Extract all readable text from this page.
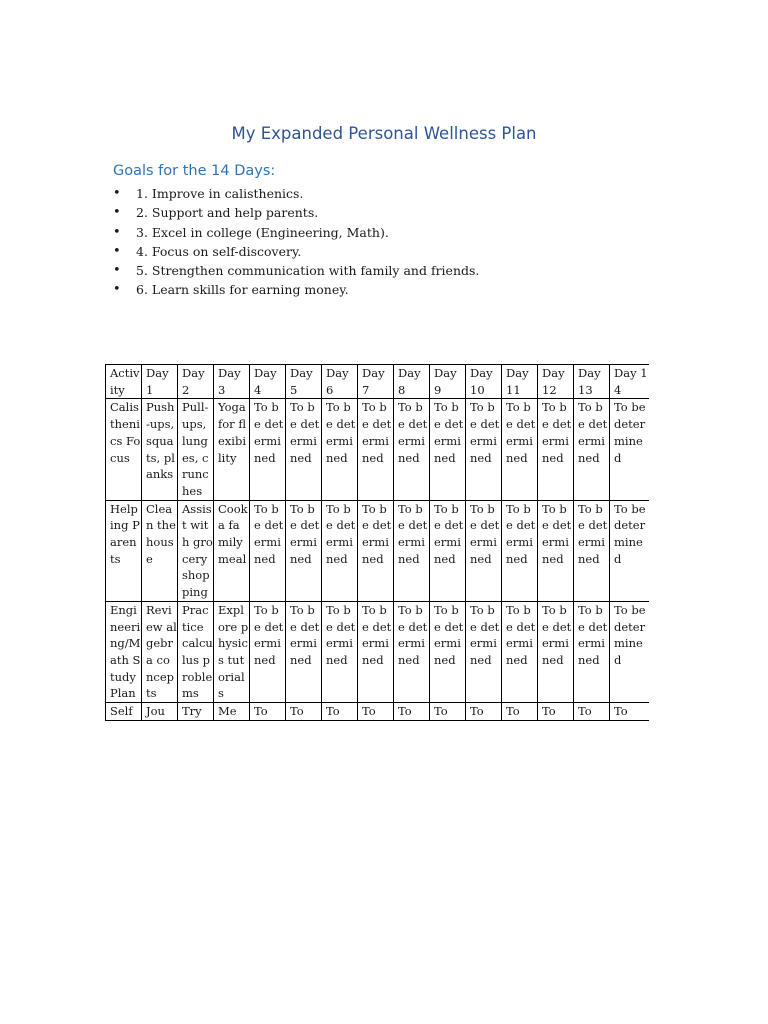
My Expanded Personal Wellness Plan
Goals for the 14 Days:
• 1. Improve in calisthenics.
• 2. Support and help parents.
• 3. Excel in college (Engineering, Math).
• 4. Focus on self-discovery.
• 5. Strengthen communication with family and friends.
• 6. Learn skills for earning money.
Activity	Day 1	Day 2	Day 3	Day 4	Day 5	Day 6	Day 7	Day 8	Day 9	Day 10	Day 11	Day 12	Day 13	Day 14
Calisthenics Focus	Push-ups, squats, planks	Pull-ups, lunges, crunches	Yoga for flexibility	To be determined	To be determined	To be determined	To be determined	To be determined	To be determined	To be determined	To be determined	To be determined	To be determined	To be determined
Helping Parents	Clean the house	Assist with grocery shopping	Cook a family meal	To be determined	To be determined	To be determined	To be determined	To be determined	To be determined	To be determined	To be determined	To be determined	To be determined	To be determined
Engineering/Math Study Plan	Review algebra concepts	Practice calculus problems	Explore physics tutorials	To be determined	To be determined	To be determined	To be determined	To be determined	To be determined	To be determined	To be determined	To be determined	To be determined	To be determined
Self	Jou	Try	Me	To	To	To	To	To	To	To	To	To	To	To
